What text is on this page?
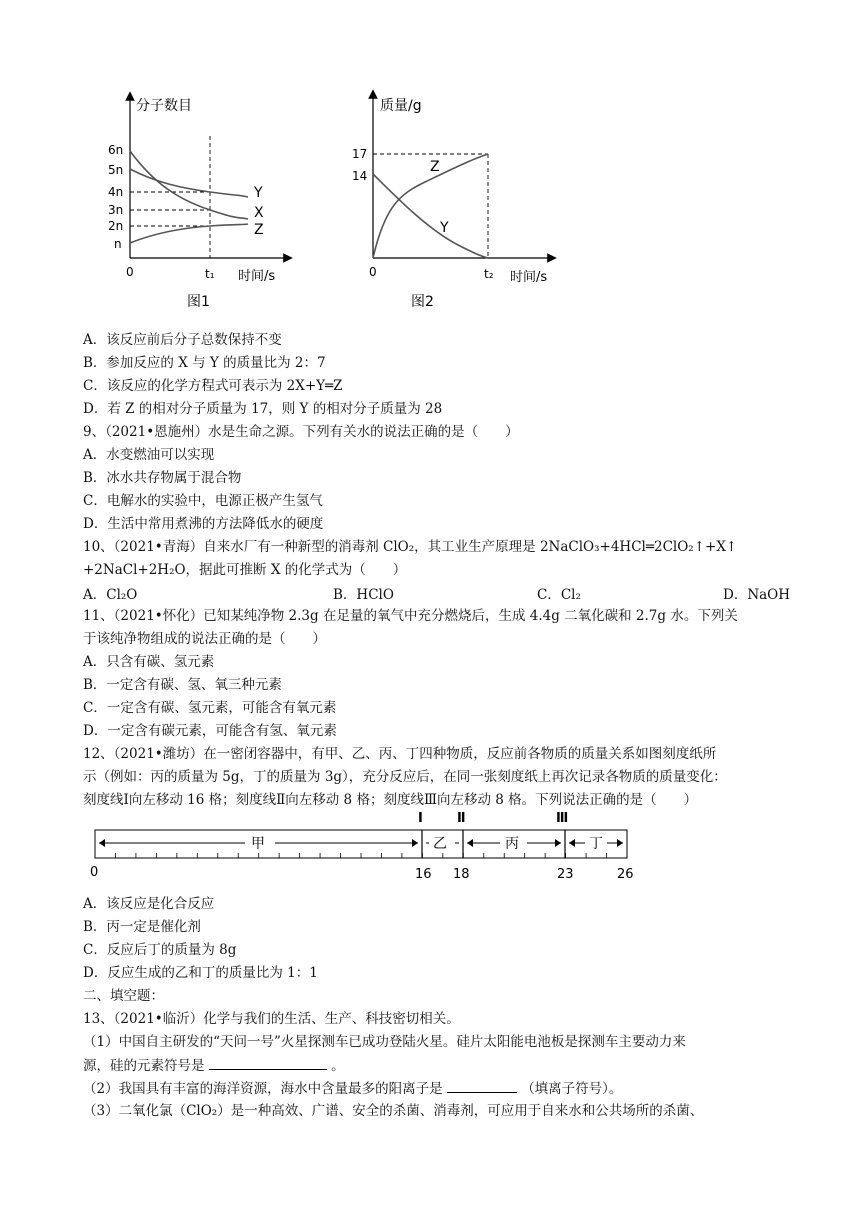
分子数目
时间/s
0	t₁
6n
5n
4n
3n
2n
n
Y
X
Z
图1
质量/g
时间/s
0	t₂
17
14
Z
Y
图2
A．该反应前后分子总数保持不变
B．参加反应的 X 与 Y 的质量比为 2：7
C．该反应的化学方程式可表示为 2X+Y═Z
D．若 Z 的相对分子质量为 17，则 Y 的相对分子质量为 28
9、（2021•恩施州）水是生命之源。下列有关水的说法正确的是（　　）
A．水变燃油可以实现
B．冰水共存物属于混合物
C．电解水的实验中，电源正极产生氢气
D．生活中常用煮沸的方法降低水的硬度
10、（2021•青海）自来水厂有一种新型的消毒剂 ClO₂，其工业生产原理是 2NaClO₃+4HCl═2ClO₂↑+X↑
+2NaCl+2H₂O，据此可推断 X 的化学式为（　　）
A．Cl₂O	B．HClO	C．Cl₂	D．NaOH
11、（2021•怀化）已知某纯净物 2.3g 在足量的氧气中充分燃烧后，生成 4.4g 二氧化碳和 2.7g 水。下列关
于该纯净物组成的说法正确的是（　　）
A．只含有碳、氢元素
B．一定含有碳、氢、氧三种元素
C．一定含有碳、氢元素，可能含有氧元素
D．一定含有碳元素，可能含有氢、氧元素
12、（2021•潍坊）在一密闭容器中，有甲、乙、丙、丁四种物质，反应前各物质的质量关系如图刻度纸所
示（例如：丙的质量为 5g，丁的质量为 3g），充分反应后，在同一张刻度纸上再次记录各物质的质量变化：
刻度线Ⅰ向左移动 16 格；刻度线Ⅱ向左移动 8 格；刻度线Ⅲ向左移动 8 格。下列说法正确的是（　　）
Ⅰ	Ⅱ	Ⅲ
甲	乙	丙	丁
0	16 18	23	26
A．该反应是化合反应
B．丙一定是催化剂
C．反应后丁的质量为 8g
D．反应生成的乙和丁的质量比为 1：1
二、填空题：
13、（2021•临沂）化学与我们的生活、生产、科技密切相关。
（1）中国自主研发的“天问一号”火星探测车已成功登陆火星。硅片太阳能电池板是探测车主要动力来
源，硅的元素符号是	。
（2）我国具有丰富的海洋资源，海水中含量最多的阳离子是	（填离子符号）。
（3）二氧化氯（ClO₂）是一种高效、广谱、安全的杀菌、消毒剂，可应用于自来水和公共场所的杀菌、
